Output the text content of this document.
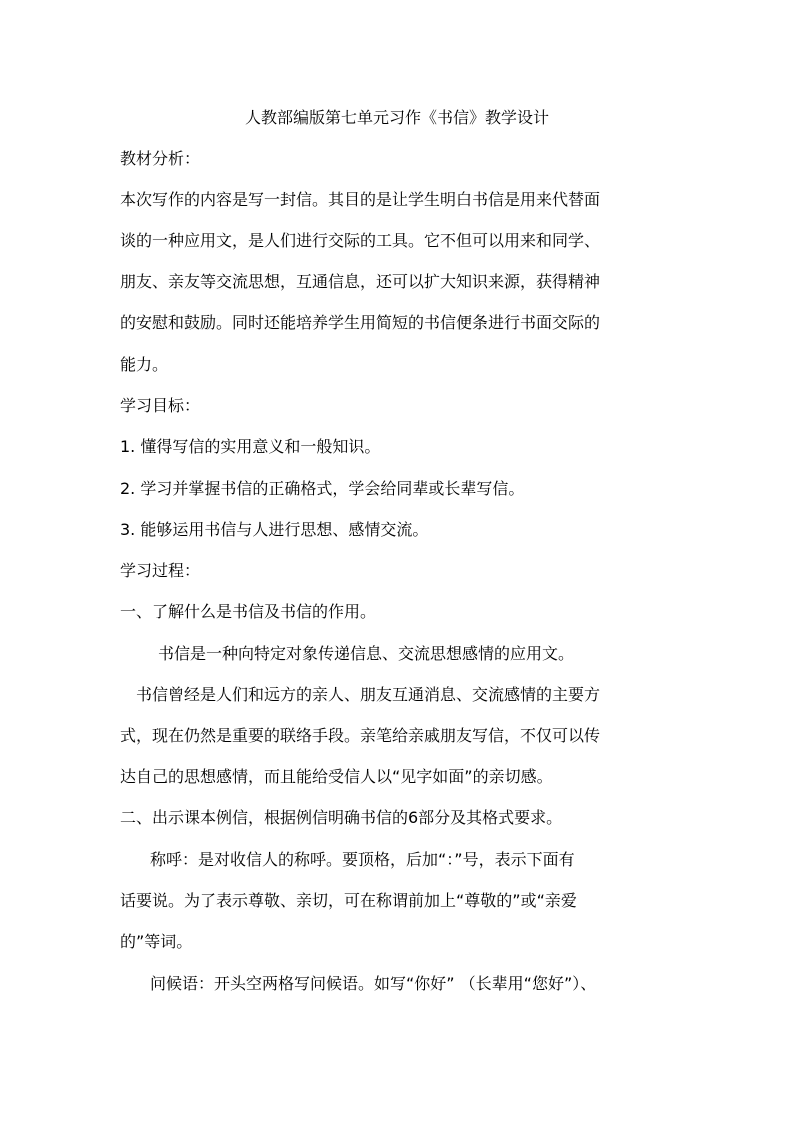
人教部编版第七单元习作《书信》教学设计

教材分析：

本次写作的内容是写一封信。其目的是让学生明白书信是用来代替面

谈的一种应用文，是人们进行交际的工具。它不但可以用来和同学、

朋友、亲友等交流思想，互通信息，还可以扩大知识来源，获得精神

的安慰和鼓励。同时还能培养学生用简短的书信便条进行书面交际的

能力。

学习目标：

1. 懂得写信的实用意义和一般知识。

2. 学习并掌握书信的正确格式，学会给同辈或长辈写信。

3. 能够运用书信与人进行思想、感情交流。

学习过程：

一、了解什么是书信及书信的作用。

书信是一种向特定对象传递信息、交流思想感情的应用文。

书信曾经是人们和远方的亲人、朋友互通消息、交流感情的主要方

式，现在仍然是重要的联络手段。亲笔给亲戚朋友写信，不仅可以传

达自己的思想感情，而且能给受信人以“见字如面”的亲切感。

二、出示课本例信，根据例信明确书信的6部分及其格式要求。

称呼：是对收信人的称呼。要顶格，后加“：”号，表示下面有

话要说。为了表示尊敬、亲切，可在称谓前加上“尊敬的”或“亲爱

的”等词。

问候语：开头空两格写问候语。如写“你好” （长辈用“您好”）、
